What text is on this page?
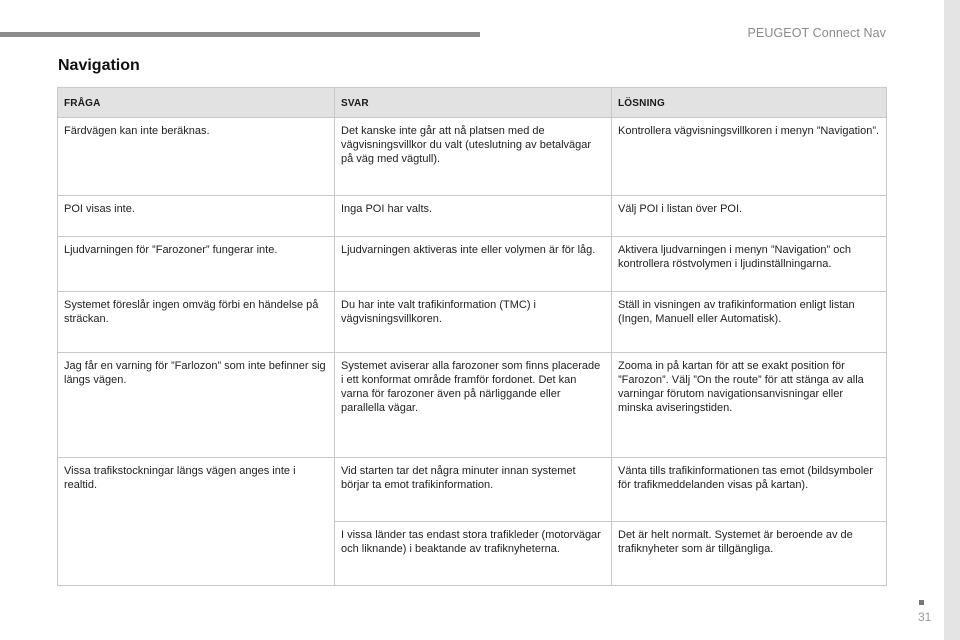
PEUGEOT Connect Nav
Navigation
FRÅGA	SVAR	LÖSNING
Färdvägen kan inte beräknas.	Det kanske inte går att nå platsen med de vägvisningsvillkor du valt (uteslutning av betalvägar på väg med vägtull).	Kontrollera vägvisningsvillkoren i menyn ”Navigation”.
POI visas inte.	Inga POI har valts.	Välj POI i listan över POI.
Ljudvarningen för ”Farozoner” fungerar inte.	Ljudvarningen aktiveras inte eller volymen är för låg.	Aktivera ljudvarningen i menyn ”Navigation” och kontrollera röstvolymen i ljudinställningarna.
Systemet föreslår ingen omväg förbi en händelse på sträckan.	Du har inte valt trafikinformation (TMC) i vägvisningsvillkoren.	Ställ in visningen av trafikinformation enligt listan (Ingen, Manuell eller Automatisk).
Jag får en varning för ”Farlozon” som inte befinner sig längs vägen.	Systemet aviserar alla farozoner som finns placerade i ett konformat område framför fordonet. Det kan varna för farozoner även på närliggande eller parallella vägar.	Zooma in på kartan för att se exakt position för ”Farozon”. Välj ”On the route” för att stänga av alla varningar förutom navigationsanvisningar eller minska aviseringstiden.
Vissa trafikstockningar längs vägen anges inte i realtid.	Vid starten tar det några minuter innan systemet börjar ta emot trafikinformation.	Vänta tills trafikinformationen tas emot (bildsymboler för trafikmeddelanden visas på kartan).
	I vissa länder tas endast stora trafikleder (motorvägar och liknande) i beaktande av trafiknyheterna.	Det är helt normalt. Systemet är beroende av de trafiknyheter som är tillgängliga.
31
